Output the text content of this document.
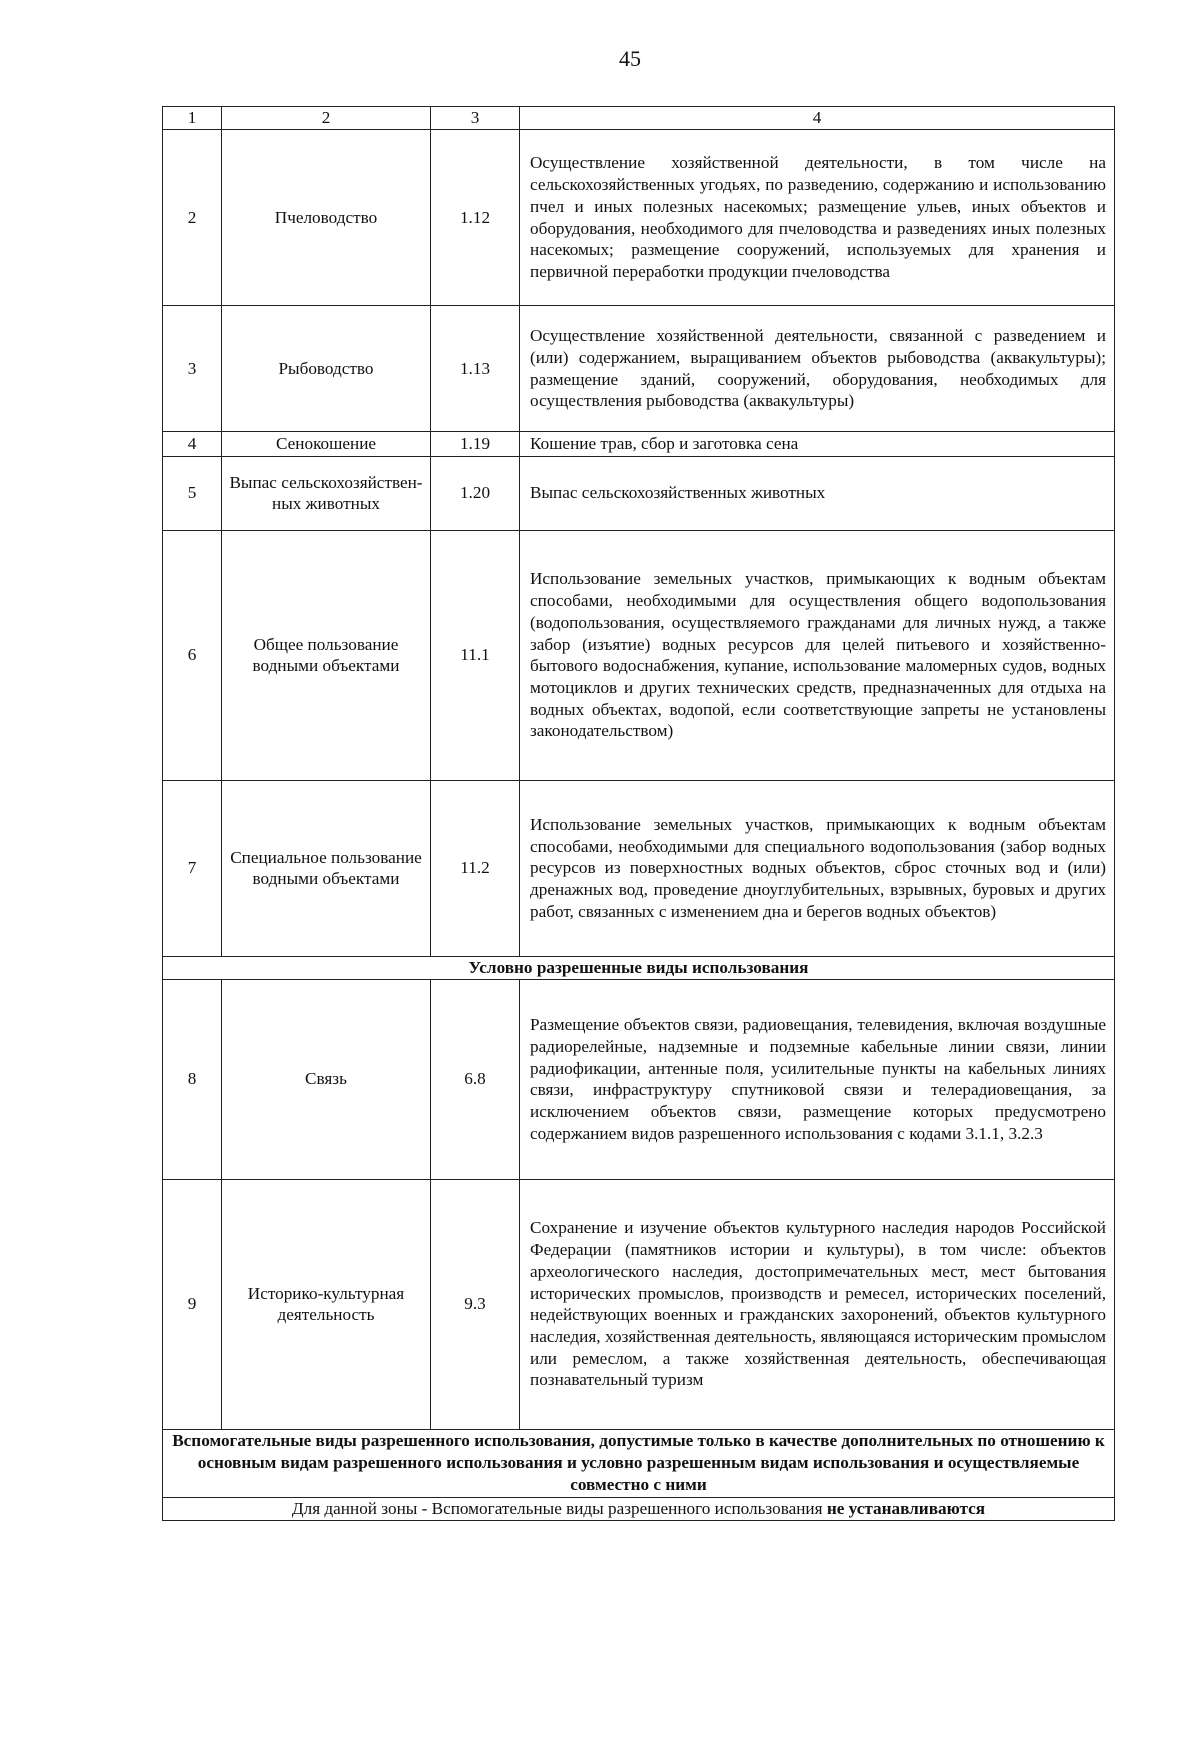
45
1	2	3	4
2	Пчеловодство	1.12	Осуществление хозяйственной деятельности, в том числе на сельскохозяйственных угодьях, по разведению, содержанию и использованию пчел и иных полезных насекомых; размещение ульев, иных объектов и оборудования, необходимого для пчеловодства и разведениях иных полезных насекомых; размещение сооружений, используемых для хранения и первичной переработки продукции пчеловодства
3	Рыбоводство	1.13	Осуществление хозяйственной деятельности, связанной с разведением и (или) содержанием, выращиванием объектов рыбоводства (аквакультуры); размещение зданий, сооружений, оборудования, необходимых для осуществления рыбоводства (аквакультуры)
4	Сенокошение	1.19	Кошение трав, сбор и заготовка сена
5	Выпас сельскохозяйствен-ных животных	1.20	Выпас сельскохозяйственных животных
6	Общее пользование водными объектами	11.1	Использование земельных участков, примыкающих к водным объектам способами, необходимыми для осуществления общего водопользования (водопользования, осуществляемого гражданами для личных нужд, а также забор (изъятие) водных ресурсов для целей питьевого и хозяйственно-бытового водоснабжения, купание, использование маломерных судов, водных мотоциклов и других технических средств, предназначенных для отдыха на водных объектах, водопой, если соответствующие запреты не установлены законодательством)
7	Специальное пользование водными объектами	11.2	Использование земельных участков, примыкающих к водным объектам способами, необходимыми для специального водопользования (забор водных ресурсов из поверхностных водных объектов, сброс сточных вод и (или) дренажных вод, проведение дноуглубительных, взрывных, буровых и других работ, связанных с изменением дна и берегов водных объектов)
Условно разрешенные виды использования			
8	Связь	6.8	Размещение объектов связи, радиовещания, телевидения, включая воздушные радиорелейные, надземные и подземные кабельные линии связи, линии радиофикации, антенные поля, усилительные пункты на кабельных линиях связи, инфраструктуру спутниковой связи и телерадиовещания, за исключением объектов связи, размещение которых предусмотрено содержанием видов разрешенного использования с кодами 3.1.1, 3.2.3
9	Историко-культурная деятельность	9.3	Сохранение и изучение объектов культурного наследия народов Российской Федерации (памятников истории и культуры), в том числе: объектов археологического наследия, достопримечательных мест, мест бытования исторических промыслов, производств и ремесел, исторических поселений, недействующих военных и гражданских захоронений, объектов культурного наследия, хозяйственная деятельность, являющаяся историческим промыслом или ремеслом, а также хозяйственная деятельность, обеспечивающая познавательный туризм
Вспомогательные виды разрешенного использования, допустимые только в качестве дополнительных по отношению к основным видам разрешенного использования и условно разрешенным видам использования и осуществляемые совместно с ними			
Для данной зоны - Вспомогательные виды разрешенного использования не устанавливаются			
